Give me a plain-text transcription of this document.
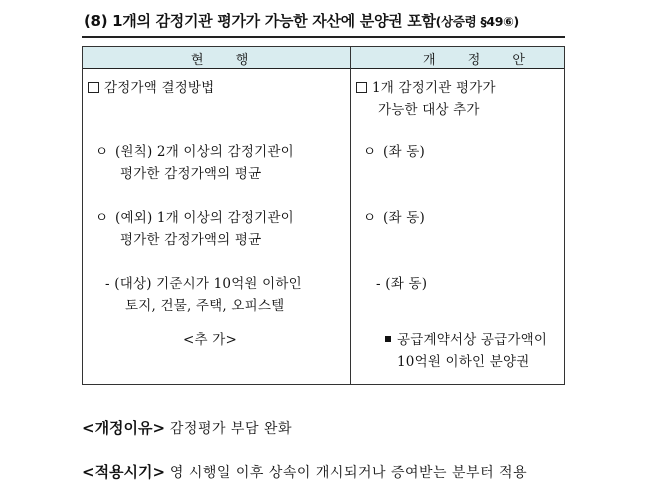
(8) 1개의 감정기관 평가가 가능한 자산에 분양권 포함(상증령 §49⑥)
현 행	개 정 안
감정가액 결정방법
ㅇ (원칙) 2개 이상의 감정기관이
평가한 감정가액의 평균
ㅇ (예외) 1개 이상의 감정기관이
평가한 감정가액의 평균
- (대상) 기준시가 10억원 이하인
토지, 건물, 주택, 오피스텔
<추 가>
1개 감정기관 평가가
가능한 대상 추가
ㅇ (좌 동)
ㅇ (좌 동)
- (좌 동)
공급계약서상 공급가액이
10억원 이하인 분양권
<개정이유> 감정평가 부담 완화
<적용시기> 영 시행일 이후 상속이 개시되거나 증여받는 분부터 적용
